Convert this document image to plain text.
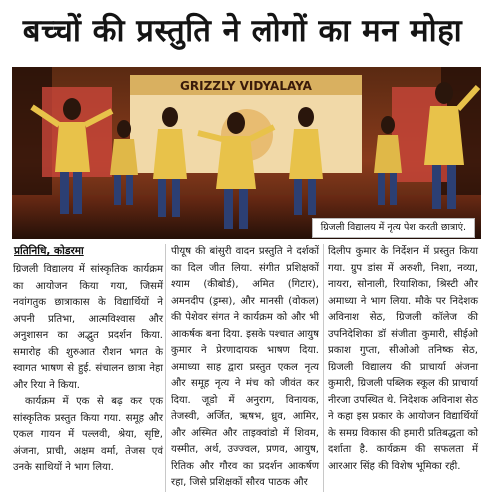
बच्चों की प्रस्तुति ने लोगों का मन मोहा
GRIZZLY VIDYALAYA
ग्रिजली विद्यालय में नृत्य पेश करती छात्राएं.
प्रतिनिधि, कोडरमा

ग्रिजली विद्यालय में सांस्कृतिक कार्यक्रम का आयोजन किया गया, जिसमें नवांगतुक छात्राकास के विद्यार्थियों ने अपनी प्रतिभा, आत्मविश्वास और अनुशासन का अद्भुत प्रदर्शन किया. समारोह की शुरुआत रौशन भगत के स्वागत भाषण से हुई. संचालन छात्रा नेहा और रिया ने किया.

कार्यक्रम में एक से बढ़ कर एक सांस्कृतिक प्रस्तुत किया गया. समूह और एकल गायन में पल्लवी, श्रेया, सृष्टि, अंजना, प्राची, अक्षम वर्मा, तेजस एवं उनके साथियों ने भाग लिया.

पीयूष की बांसुरी वादन प्रस्तुति ने दर्शकों का दिल जीत लिया. संगीत प्रशिक्षकों श्याम (कीबोर्ड), अमित (गिटार), अमनदीप (ड्रम्स), और मानसी (वोकल) की पेशेवर संगत ने कार्यक्रम को और भी आकर्षक बना दिया. इसके पश्चात आयुष कुमार ने प्रेरणादायक भाषण दिया. अमाध्या साह द्वारा प्रस्तुत एकल नृत्य और समूह नृत्य ने मंच को जीवंत कर दिया. जूडो में अनुराग, विनायक, तेजस्वी, अर्जित, ऋषभ, ध्रुव, आमिर, और अस्मित और ताइक्वांडो में शिवम, यस्मीत, अर्थ, उज्ज्वल, प्रणव, आयुष, रितिक और गौरव का प्रदर्शन आकर्षण रहा, जिसे प्रशिक्षकों सौरव पाठक और

दिलीप कुमार के निर्देशन में प्रस्तुत किया गया. ग्रुप डांस में अरुशी, निशा, नव्या, नायरा, सोनाली, रियाशिका, श्रिस्टी और अमाध्या ने भाग लिया. मौके पर निदेशक अविनाश सेठ, ग्रिजली कॉलेज की उपनिदेशिका डॉ संजीता कुमारी, सीईओ प्रकाश गुप्ता, सीओओ तनिष्क सेठ, ग्रिजली विद्यालय की प्राचार्या अंजना कुमारी, ग्रिजली पब्लिक स्कूल की प्राचार्या नीरजा उपस्थित थे. निदेशक अविनाश सेठ ने कहा इस प्रकार के आयोजन विद्यार्थियों के समग्र विकास की हमारी प्रतिबद्धता को दर्शाता है. कार्यक्रम की सफलता में आरआर सिंह की विशेष भूमिका रही.
